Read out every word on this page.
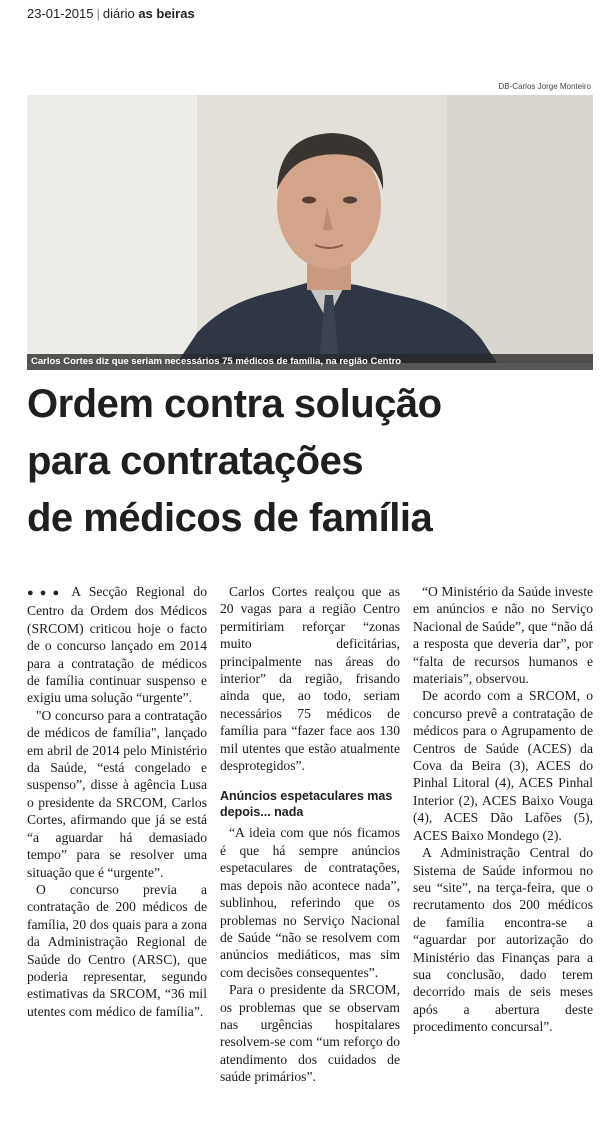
23-01-2015 | diário as beiras
DB-Carlos Jorge Monteiro
Carlos Cortes diz que seriam necessários 75 médicos de família, na região Centro
Ordem contra solução
para contratações
de médicos de família

●●● A Secção Regional do Centro da Ordem dos Médicos (SRCOM) criticou hoje o facto de o concurso lançado em 2014 para a contratação de médicos de família continuar suspenso e exigiu uma solução “urgente”.

"O concurso para a contratação de médicos de família", lançado em abril de 2014 pelo Ministério da Saúde, “está congelado e suspenso”, disse à agência Lusa o presidente da SRCOM, Carlos Cortes, afirmando que já se está “a aguardar há demasiado tempo” para se resolver uma situação que é “urgente”.

O concurso previa a contratação de 200 médicos de família, 20 dos quais para a zona da Administração Regional de Saúde do Centro (ARSC), que poderia representar, segundo estimativas da SRCOM, “36 mil utentes com médico de família”.

Carlos Cortes realçou que as 20 vagas para a região Centro permitiriam reforçar “zonas muito deficitárias, principalmente nas áreas do interior” da região, frisando ainda que, ao todo, seriam necessários 75 médicos de família para “fazer face aos 130 mil utentes que estão atualmente desprotegidos”.

Anúncios espetaculares mas depois... nada

“A ideia com que nós ficamos é que há sempre anúncios espetaculares de contratações, mas depois não acontece nada”, sublinhou, referindo que os problemas no Serviço Nacional de Saúde “não se resolvem com anúncios mediáticos, mas sim com decisões consequentes”.

Para o presidente da SRCOM, os problemas que se observam nas urgências hospitalares resolvem-se com “um reforço do atendimento dos cuidados de saúde primários”.

“O Ministério da Saúde investe em anúncios e não no Serviço Nacional de Saúde”, que “não dá a resposta que deveria dar”, por “falta de recursos humanos e materiais”, observou.

De acordo com a SRCOM, o concurso prevê a contratação de médicos para o Agrupamento de Centros de Saúde (ACES) da Cova da Beira (3), ACES do Pinhal Litoral (4), ACES Pinhal Interior (2), ACES Baixo Vouga (4), ACES Dão Lafões (5), ACES Baixo Mondego (2).

A Administração Central do Sistema de Saúde informou no seu “site”, na terça-feira, que o recrutamento dos 200 médicos de família encontra-se a “aguardar por autorização do Ministério das Finanças para a sua conclusão, dado terem decorrido mais de seis meses após a abertura deste procedimento concursal”.
